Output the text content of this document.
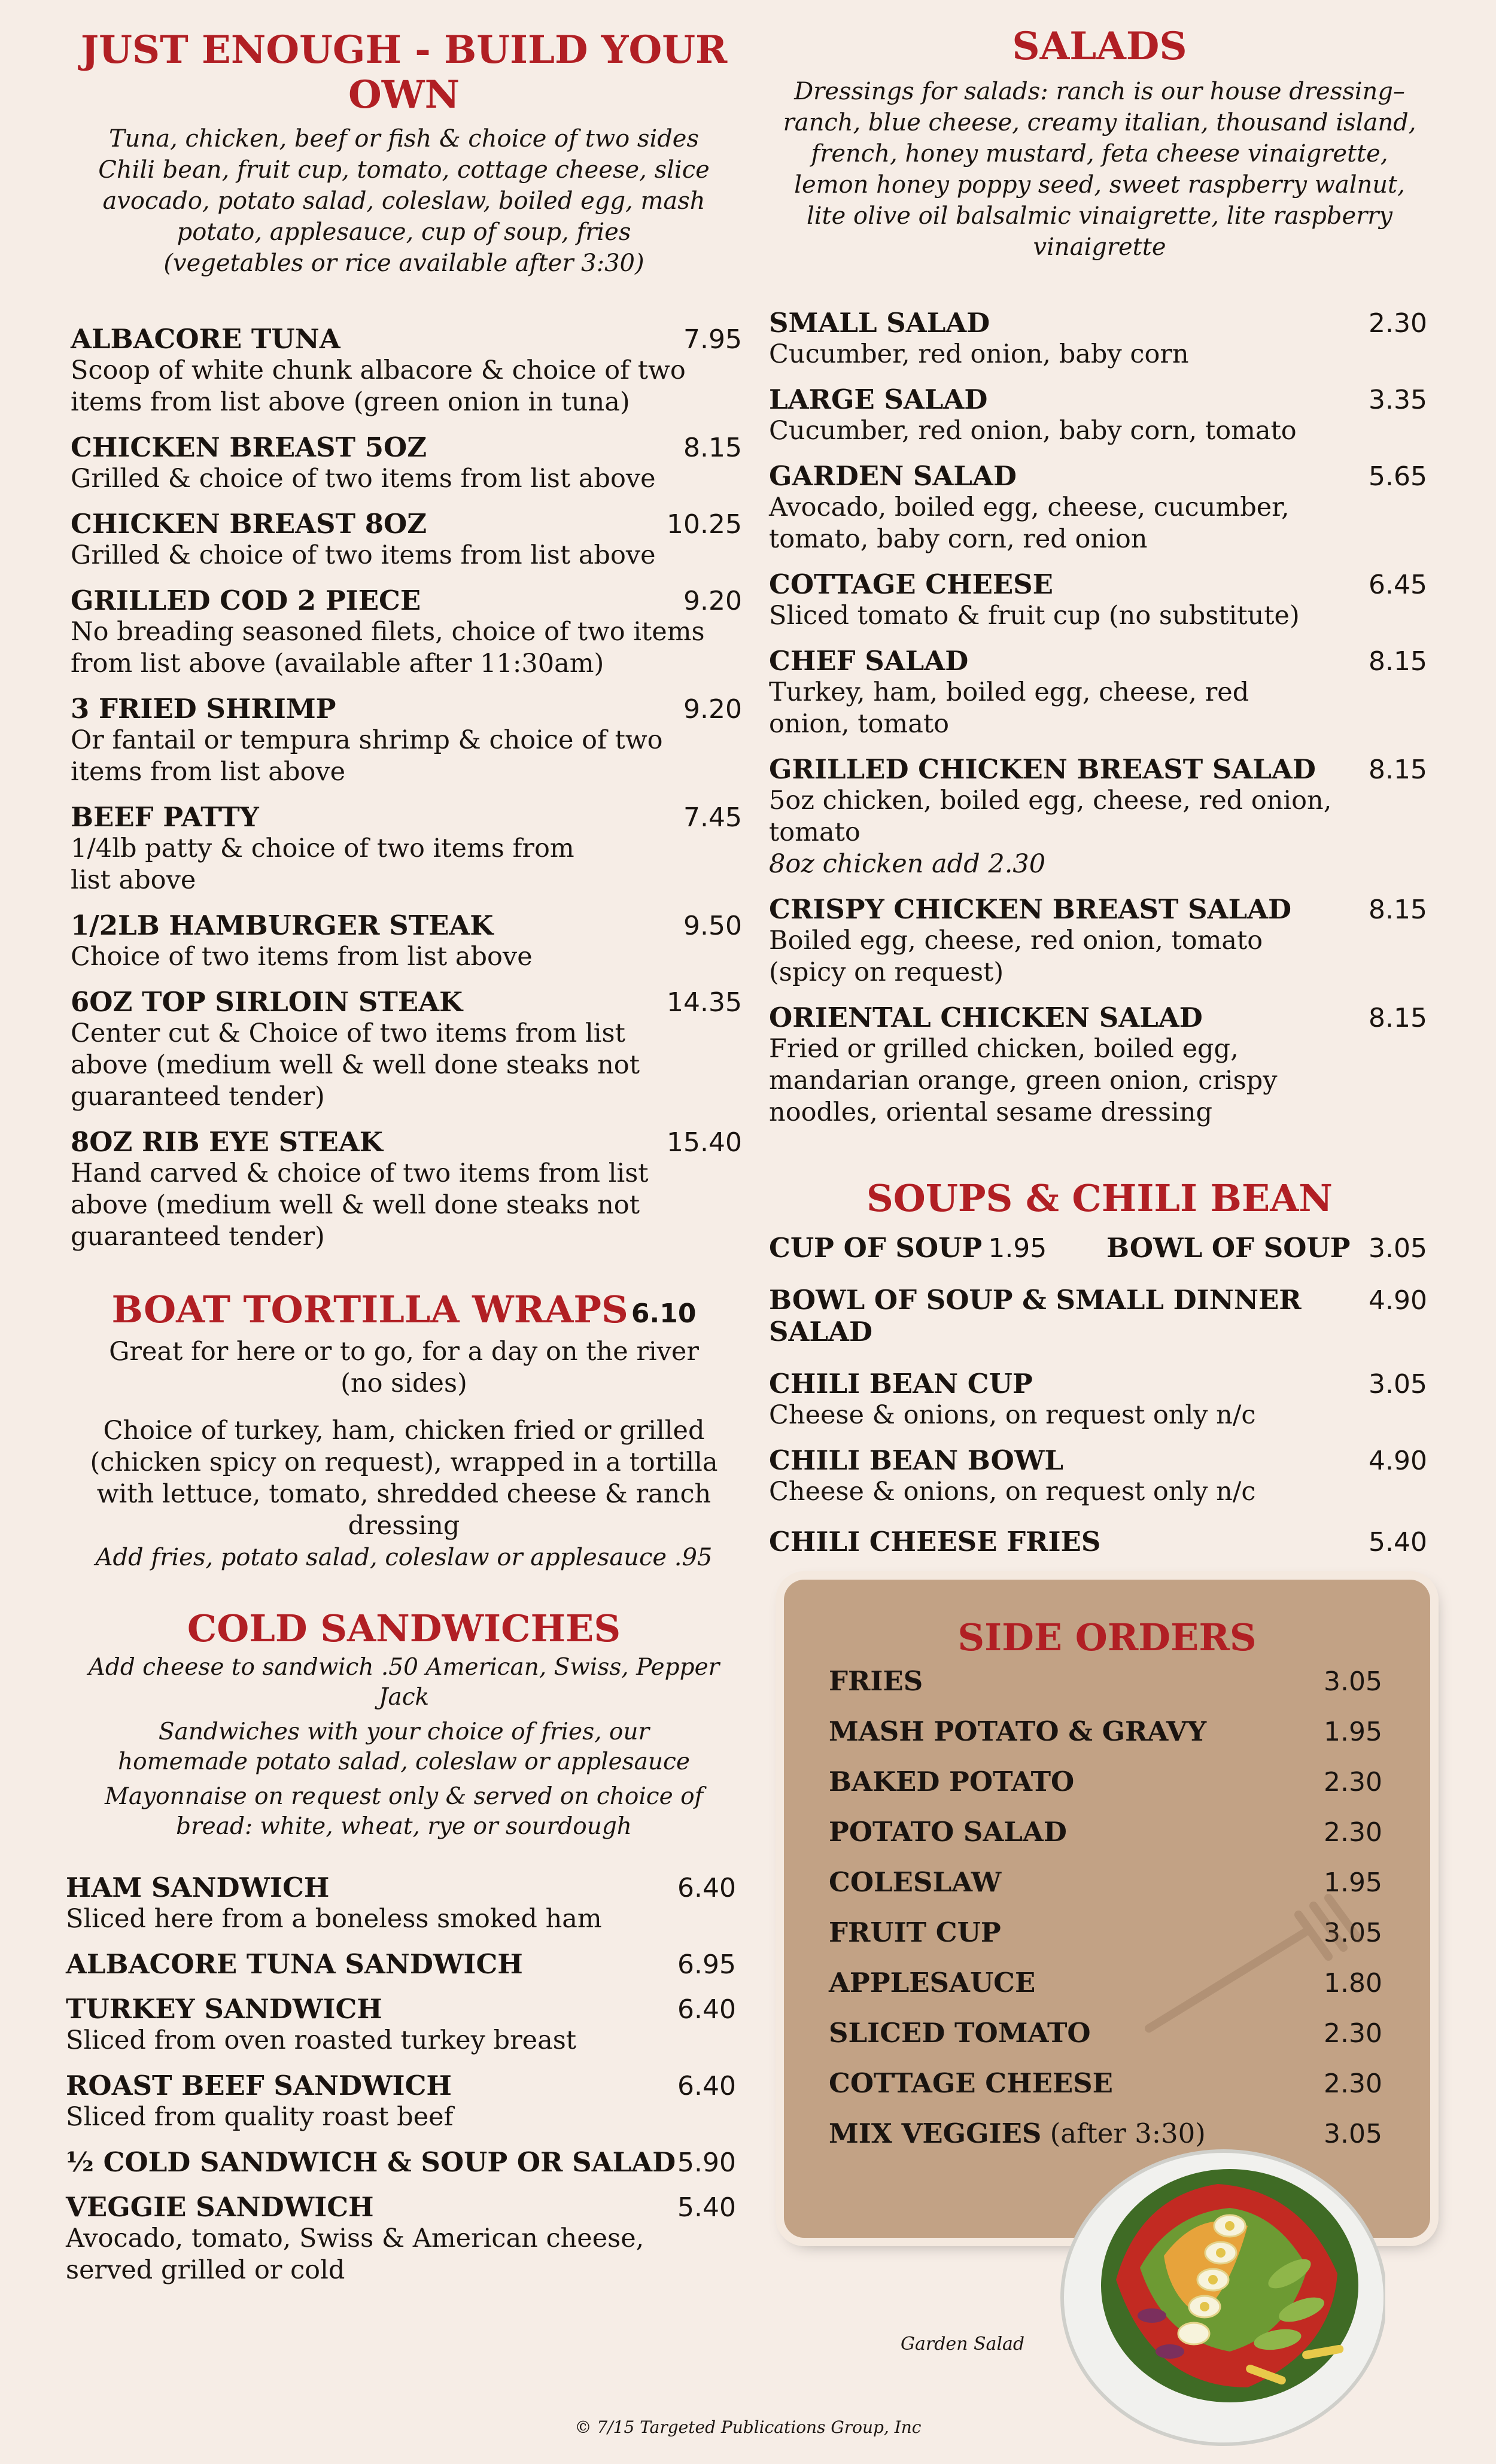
JUST ENOUGH - BUILD YOUR OWN

Tuna, chicken, beef or fish & choice of two sides

Chili bean, fruit cup, tomato, cottage cheese, slice

avocado, potato salad, coleslaw, boiled egg, mash

potato, applesauce, cup of soup, fries

(vegetables or rice available after 3:30)

ALBACORE TUNA	7.95
Scoop of white chunk albacore & choice of two items from list above (green onion in tuna)
CHICKEN BREAST 5OZ	8.15
Grilled & choice of two items from list above
CHICKEN BREAST 8OZ	10.25
Grilled & choice of two items from list above
GRILLED COD 2 PIECE	9.20
No breading seasoned filets, choice of two items from list above (available after 11:30am)
3 FRIED SHRIMP	9.20
Or fantail or tempura shrimp & choice of two items from list above
BEEF PATTY	7.45
1/4lb patty & choice of two items from list above
1/2LB HAMBURGER STEAK	9.50
Choice of two items from list above
6OZ TOP SIRLOIN STEAK	14.35
Center cut & Choice of two items from list above (medium well & well done steaks not guaranteed tender)
8OZ RIB EYE STEAK	15.40
Hand carved & choice of two items from list above (medium well & well done steaks not guaranteed tender)
BOAT TORTILLA WRAPS 6.10
Great for here or to go, for a day on the river
(no sides)
Choice of turkey, ham, chicken fried or grilled (chicken spicy on request), wrapped in a tortilla with lettuce, tomato, shredded cheese & ranch dressing
Add fries, potato salad, coleslaw or applesauce .95
COLD SANDWICHES
Add cheese to sandwich .50 American, Swiss, Pepper Jack
Sandwiches with your choice of fries, our homemade potato salad, coleslaw or applesauce
Mayonnaise on request only & served on choice of bread: white, wheat, rye or sourdough
HAM SANDWICH	6.40
Sliced here from a boneless smoked ham
ALBACORE TUNA SANDWICH	6.95
TURKEY SANDWICH	6.40
Sliced from oven roasted turkey breast
ROAST BEEF SANDWICH	6.40
Sliced from quality roast beef
½ COLD SANDWICH & SOUP OR SALAD 5.90
VEGGIE SANDWICH	5.40
Avocado, tomato, Swiss & American cheese, served grilled or cold
SALADS
Dressings for salads: ranch is our house dressing– ranch, blue cheese, creamy italian, thousand island, french, honey mustard, feta cheese vinaigrette, lemon honey poppy seed, sweet raspberry walnut, lite olive oil balsalmic vinaigrette, lite raspberry vinaigrette
SMALL SALAD	2.30
Cucumber, red onion, baby corn
LARGE SALAD	3.35
Cucumber, red onion, baby corn, tomato
GARDEN SALAD	5.65
Avocado, boiled egg, cheese, cucumber, tomato, baby corn, red onion
COTTAGE CHEESE	6.45
Sliced tomato & fruit cup (no substitute)
CHEF SALAD	8.15
Turkey, ham, boiled egg, cheese, red onion, tomato
GRILLED CHICKEN BREAST SALAD 8.15
5oz chicken, boiled egg, cheese, red onion, tomato
8oz chicken add 2.30
CRISPY CHICKEN BREAST SALAD	8.15
Boiled egg, cheese, red onion, tomato (spicy on request)
ORIENTAL CHICKEN SALAD	8.15
Fried or grilled chicken, boiled egg, mandarian orange, green onion, crispy noodles, oriental sesame dressing
SOUPS & CHILI BEAN
CUP OF SOUP 1.95 BOWL OF SOUP 3.05
BOWL OF SOUP & SMALL DINNER SALAD
4.90
CHILI BEAN CUP	3.05
Cheese & onions, on request only n/c
CHILI BEAN BOWL	4.90
Cheese & onions, on request only n/c
CHILI CHEESE FRIES	5.40
SIDE ORDERS
FRIES	3.05
MASH POTATO & GRAVY	1.95
BAKED POTATO	2.30
POTATO SALAD	2.30
COLESLAW	1.95
FRUIT CUP	3.05
APPLESAUCE	1.80
SLICED TOMATO	2.30
COTTAGE CHEESE	2.30
MIX VEGGIES (after 3:30)	3.05
Garden Salad
© 7/15 Targeted Publications Group, Inc
